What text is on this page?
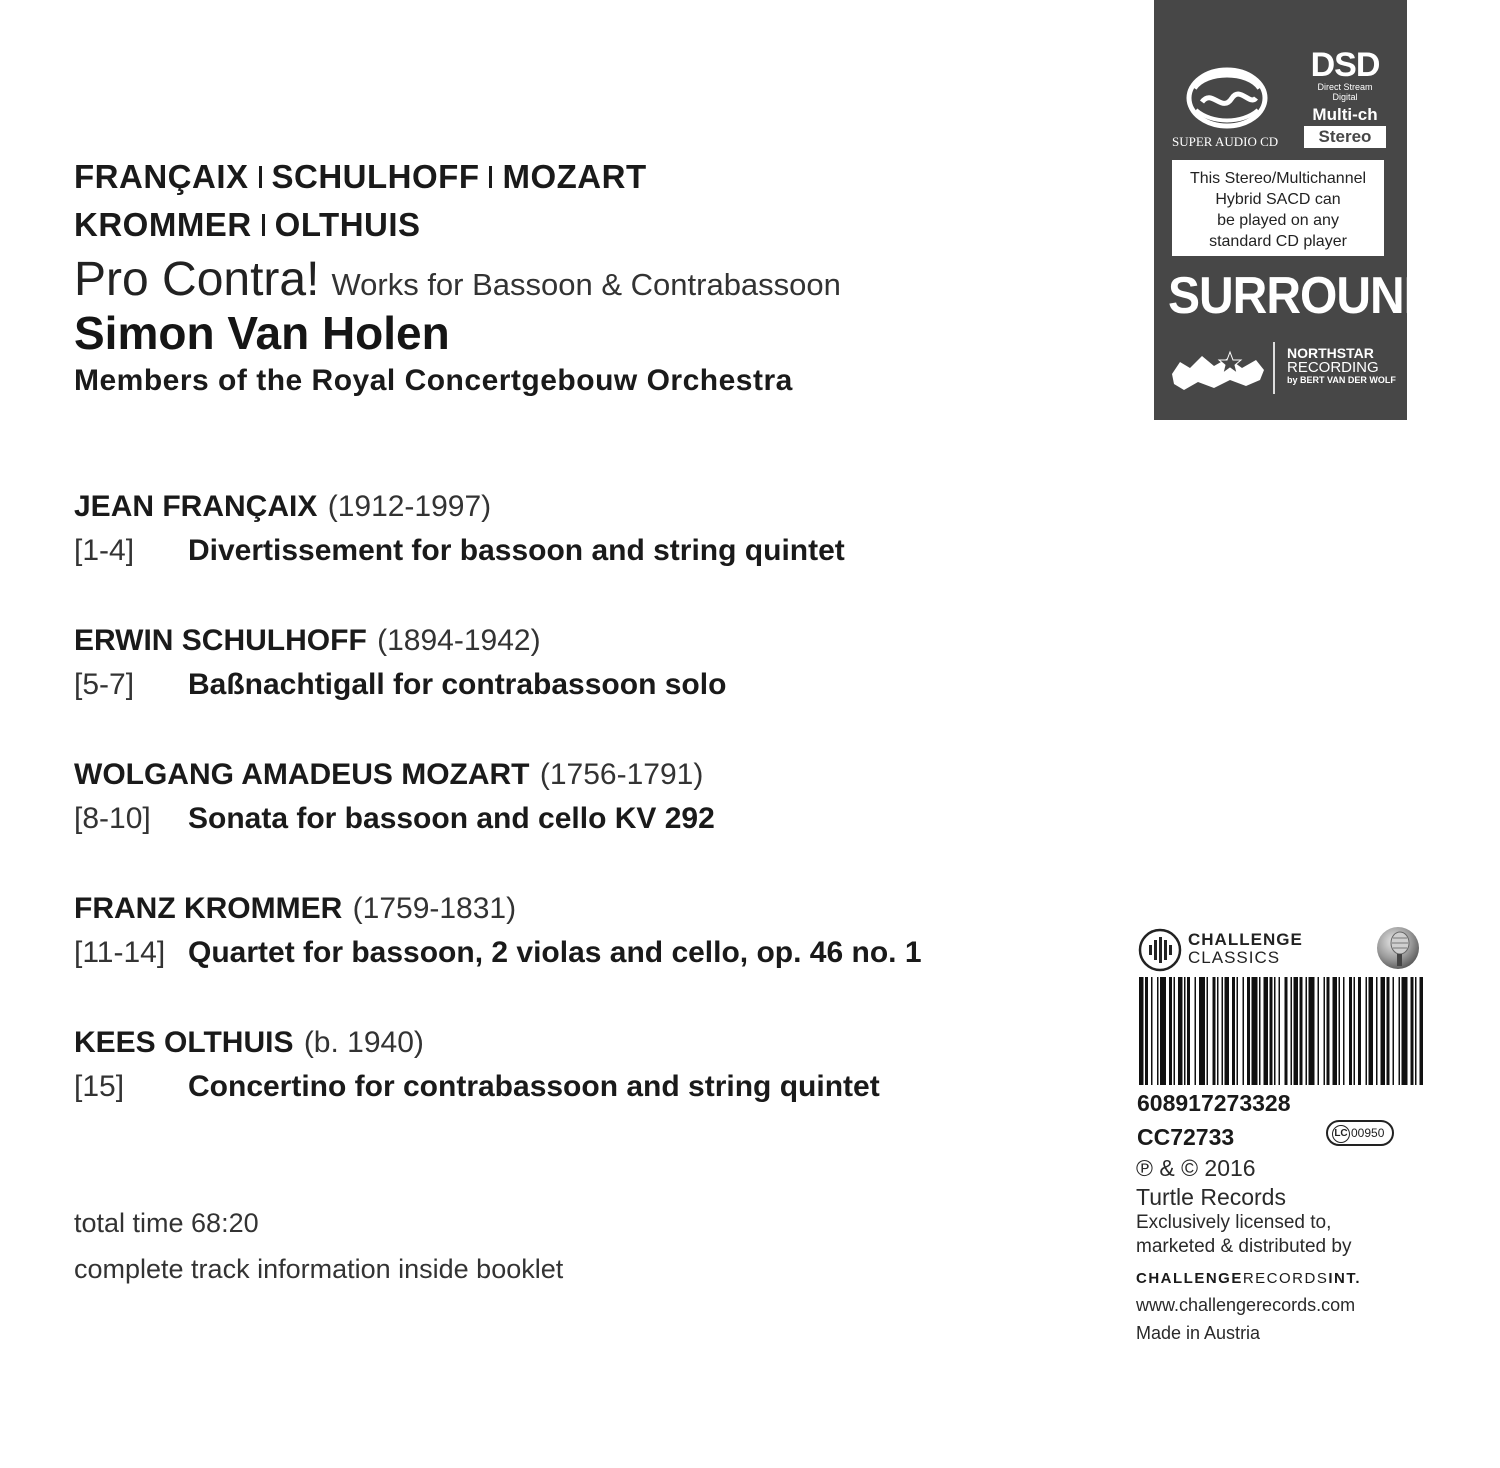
FRANÇAIX SCHULHOFF MOZART
KROMMER OLTHUIS
Pro Contra! Works for Bassoon & Contrabassoon
Simon Van Holen
Members of the Royal Concertgebouw Orchestra
JEAN FRANÇAIX (1912-1997)
[1-4]	Divertissement for bassoon and string quintet
ERWIN SCHULHOFF (1894-1942)
[5-7]	Baßnachtigall for contrabassoon solo
WOLGANG AMADEUS MOZART (1756-1791)
[8-10]	Sonata for bassoon and cello KV 292
FRANZ KROMMER (1759-1831)
[11-14] Quartet for bassoon, 2 violas and cello, op. 46 no. 1
KEES OLTHUIS (b. 1940)
[15]	Concertino for contrabassoon and string quintet
total time 68:20
complete track information inside booklet
SUPER AUDIO CD
DSD
Direct Stream Digital
Multi-ch
Stereo
This Stereo/Multichannel
Hybrid SACD can
be played on any
standard CD player
SURROUND
NORTHSTAR
RECORDING
by BERT VAN DER WOLF
CHALLENGE
CLASSICS
608917273328
CC72733	LC 00950
℗ & © 2016
Turtle Records
Exclusively licensed to,
marketed & distributed by
CHALLENGERECORDSINT.
www.challengerecords.com
Made in Austria
